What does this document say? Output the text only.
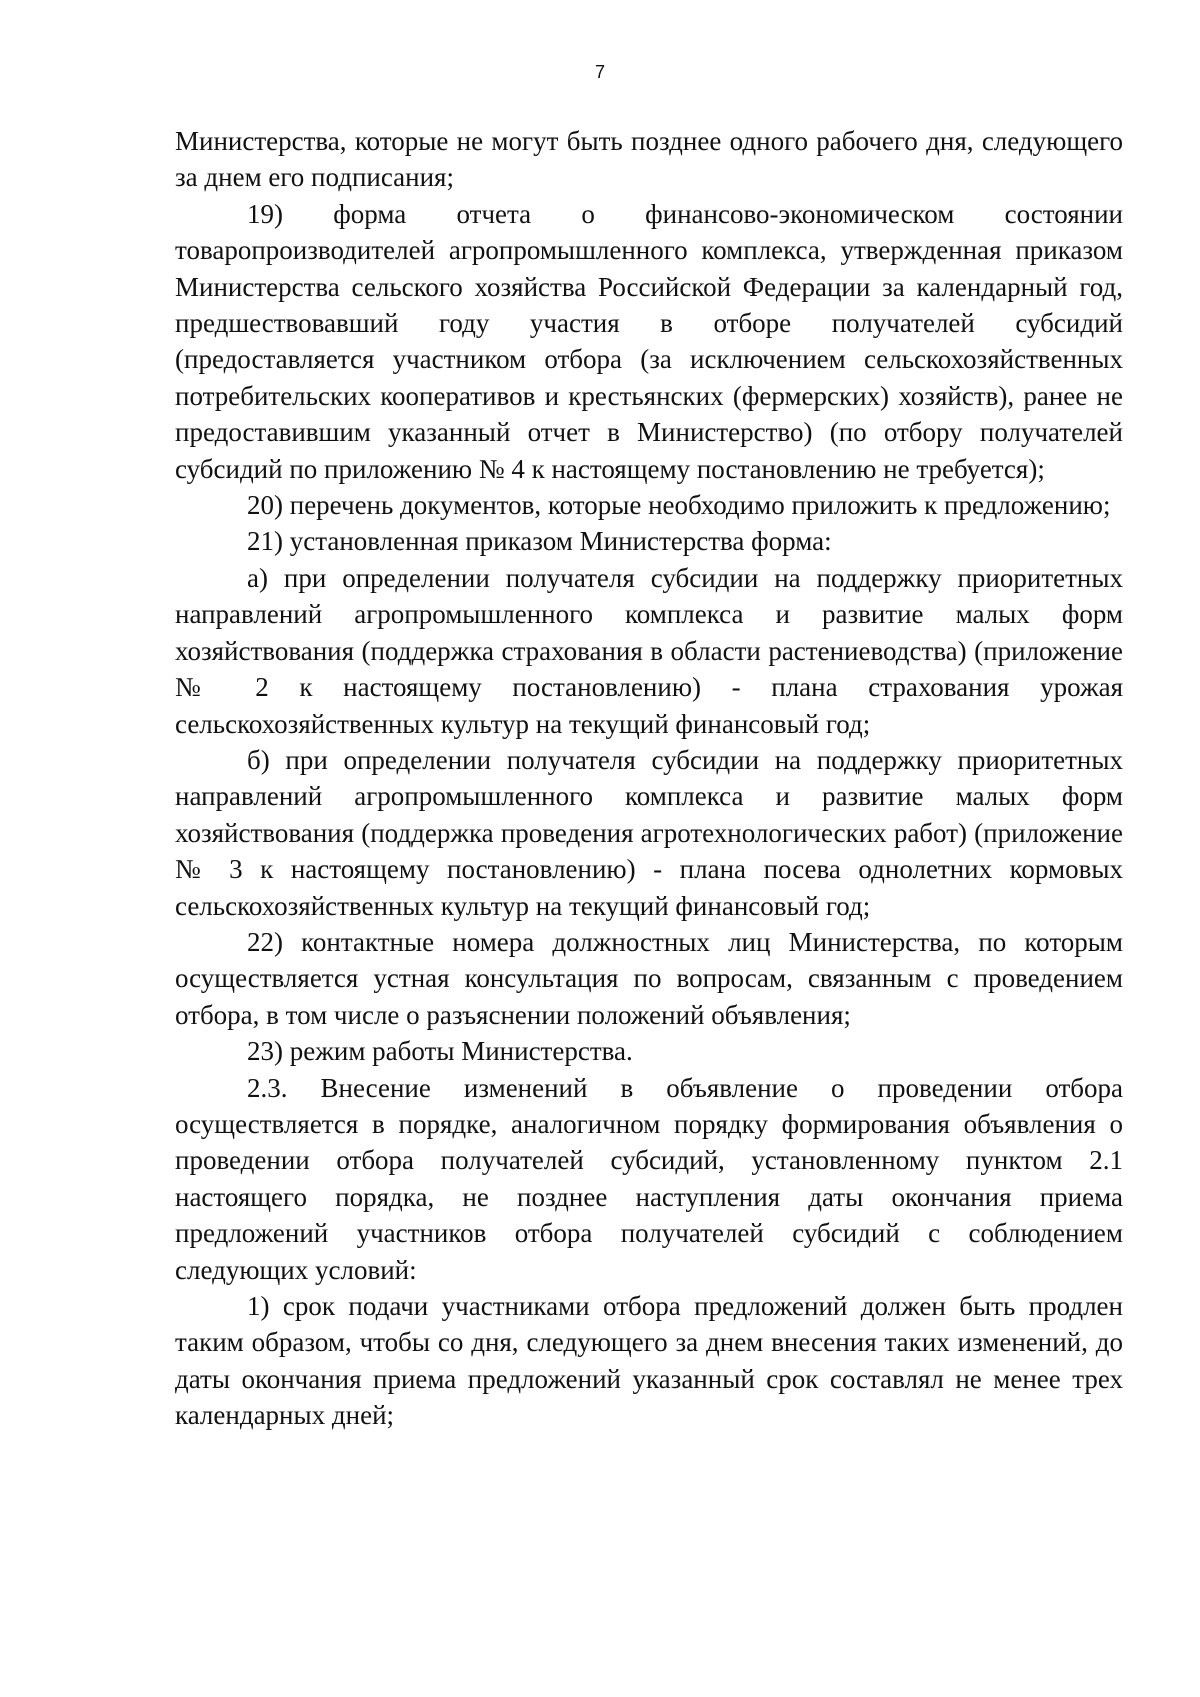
7

Министерства, которые не могут быть позднее одного рабочего дня, следующего за днем его подписания;

19) форма отчета о финансово-экономическом состоянии товаропроизводителей агропромышленного комплекса, утвержденная приказом Министерства сельского хозяйства Российской Федерации за календарный год, предшествовавший году участия в отборе получателей субсидий (предоставляется участником отбора (за исключением сельскохозяйственных потребительских кооперативов и крестьянских (фермерских) хозяйств), ранее не предоставившим указанный отчет в Министерство) (по отбору получателей субсидий по приложению № 4 к настоящему постановлению не требуется);

20) перечень документов, которые необходимо приложить к предложению;

21) установленная приказом Министерства форма:

а) при определении получателя субсидии на поддержку приоритетных направлений агропромышленного комплекса и развитие малых форм хозяйствования (поддержка страхования в области растениеводства) (приложение № 2 к настоящему постановлению) - плана страхования урожая сельскохозяйственных культур на текущий финансовый год;

б) при определении получателя субсидии на поддержку приоритетных направлений агропромышленного комплекса и развитие малых форм хозяйствования (поддержка проведения агротехнологических работ) (приложение № 3 к настоящему постановлению) - плана посева однолетних кормовых сельскохозяйственных культур на текущий финансовый год;

22) контактные номера должностных лиц Министерства, по которым осуществляется устная консультация по вопросам, связанным с проведением отбора, в том числе о разъяснении положений объявления;

23) режим работы Министерства.

2.3. Внесение изменений в объявление о проведении отбора осуществляется в порядке, аналогичном порядку формирования объявления о проведении отбора получателей субсидий, установленному пунктом 2.1 настоящего порядка, не позднее наступления даты окончания приема предложений участников отбора получателей субсидий с соблюдением следующих условий:

1) срок подачи участниками отбора предложений должен быть продлен таким образом, чтобы со дня, следующего за днем внесения таких изменений, до даты окончания приема предложений указанный срок составлял не менее трех календарных дней;
